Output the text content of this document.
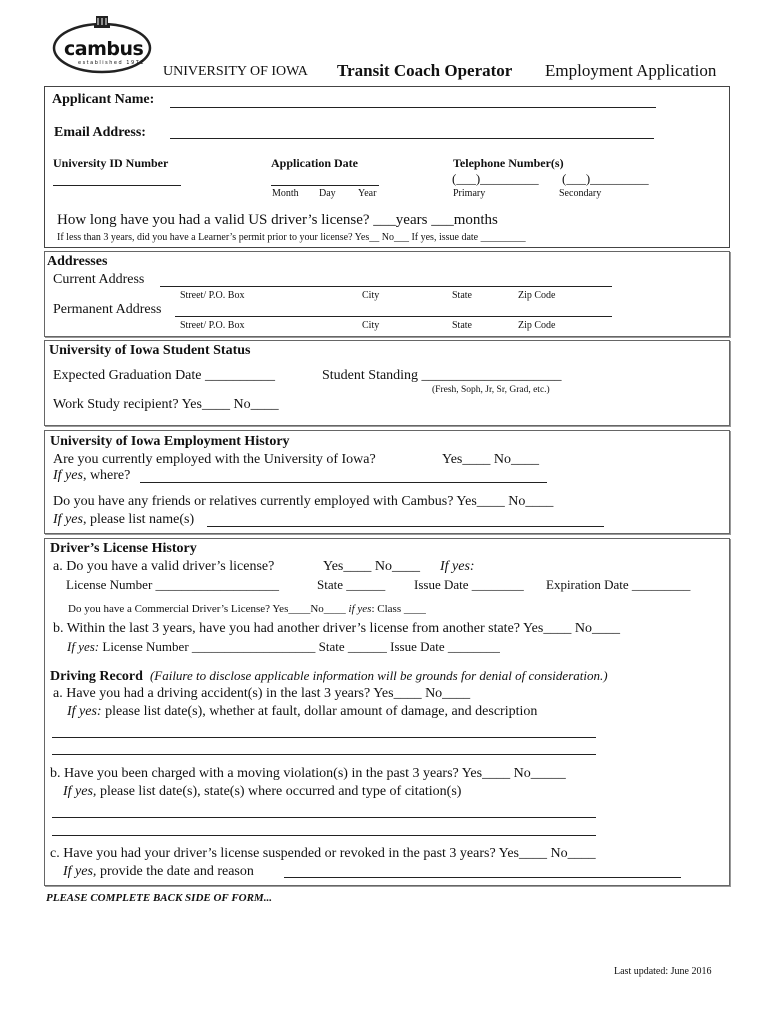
cambus
established 1972
UNIVERSITY OF IOWA Transit Coach Operator Employment Application
Applicant Name:
Email Address:
University ID Number	Application Date
Month Day Year
Telephone Number(s)
(___)_________ (___)_________
Primary	Secondary
How long have you had a valid US driver’s license? ___years ___months
If less than 3 years, did you have a Learner’s permit prior to your license? Yes__ No___ If yes, issue date _________
Addresses
Current Address
Street/ P.O. Box	City	State	Zip Code
Permanent Address
Street/ P.O. Box	City	State	Zip Code
University of Iowa Student Status
Expected Graduation Date __________	Student Standing ____________________
(Fresh, Soph, Jr, Sr, Grad, etc.)
Work Study recipient? Yes____ No____
University of Iowa Employment History
Are you currently employed with the University of Iowa?	Yes____ No____
If yes, where?
Do you have any friends or relatives currently employed with Cambus? Yes____ No____
If yes, please list name(s)
Driver’s License History
a. Do you have a valid driver’s license?	Yes____ No____ If yes:
License Number ___________________	State ______ Issue Date ________ Expiration Date _________
Do you have a Commercial Driver’s License? Yes____No____ if yes: Class ____
b. Within the last 3 years, have you had another driver’s license from another state? Yes____ No____
If yes: License Number ___________________ State ______ Issue Date ________
Driving Record (Failure to disclose applicable information will be grounds for denial of consideration.)
a. Have you had a driving accident(s) in the last 3 years? Yes____ No____
If yes: please list date(s), whether at fault, dollar amount of damage, and description
b. Have you been charged with a moving violation(s) in the past 3 years? Yes____ No_____
If yes, please list date(s), state(s) where occurred and type of citation(s)
c. Have you had your driver’s license suspended or revoked in the past 3 years? Yes____ No____
If yes, provide the date and reason
PLEASE COMPLETE BACK SIDE OF FORM...
Last updated: June 2016
